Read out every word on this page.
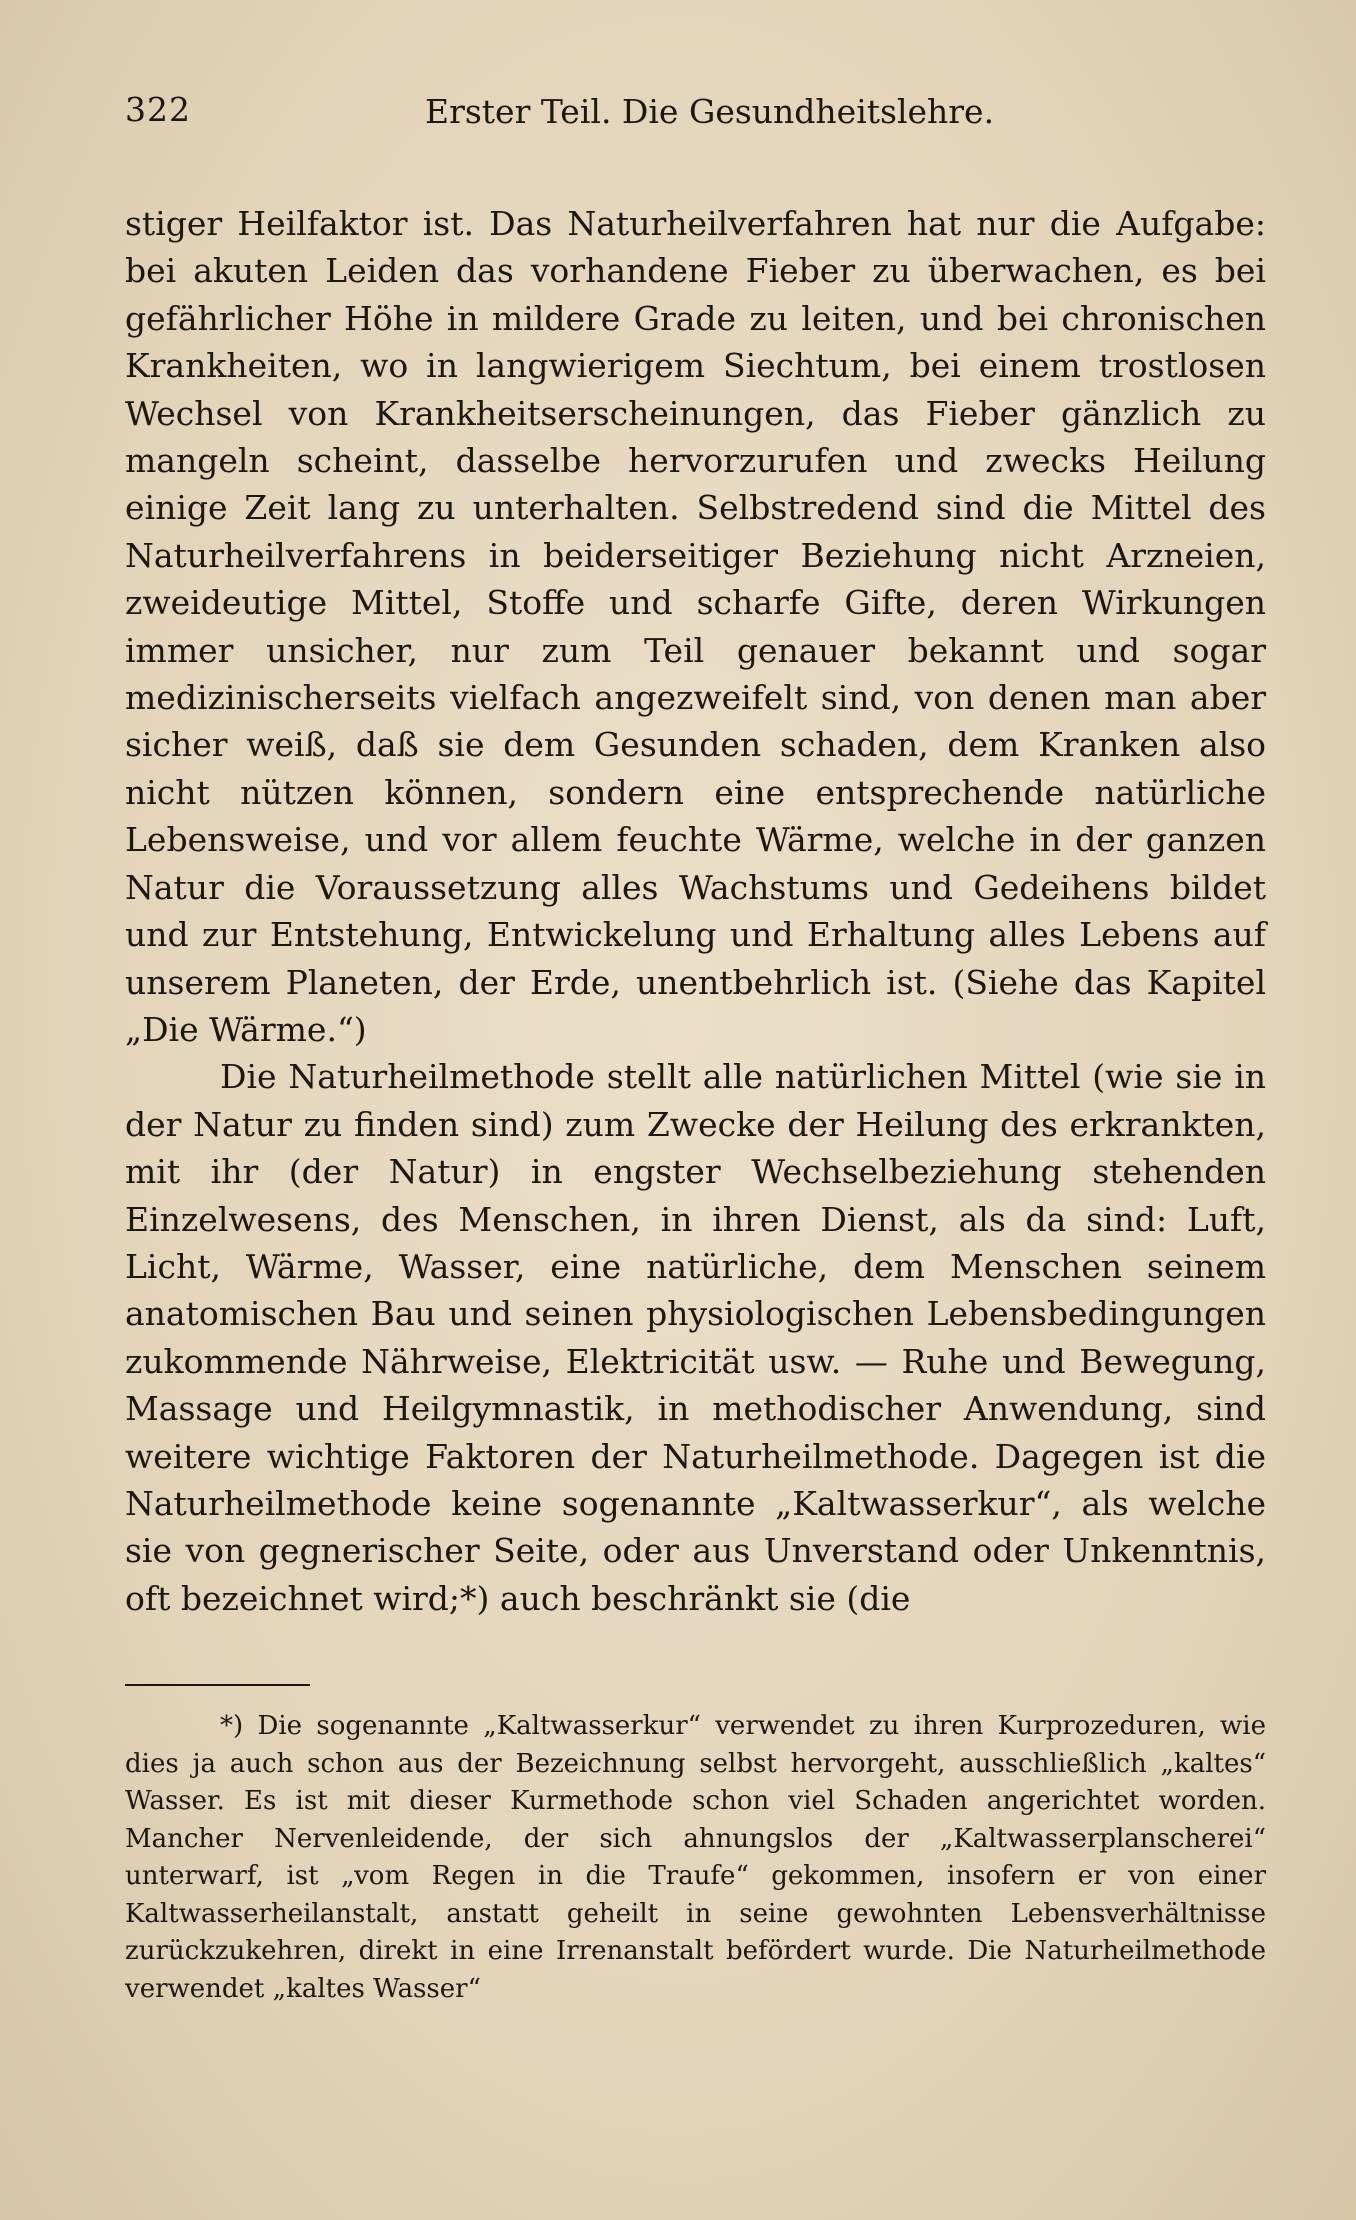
322	Erster Teil. Die Gesundheitslehre.

stiger Heilfaktor ist. Das Naturheilverfahren hat nur die Aufgabe: bei akuten Leiden das vorhandene Fieber zu überwachen, es bei gefährlicher Höhe in mildere Grade zu leiten, und bei chronischen Krankheiten, wo in langwierigem Siechtum, bei einem trostlosen Wechsel von Krankheitserscheinungen, das Fieber gänzlich zu mangeln scheint, dasselbe hervorzurufen und zwecks Heilung einige Zeit lang zu unterhalten. Selbstredend sind die Mittel des Naturheilverfahrens in beiderseitiger Beziehung nicht Arzneien, zweideutige Mittel, Stoffe und scharfe Gifte, deren Wirkungen immer unsicher, nur zum Teil genauer bekannt und sogar medizinischerseits vielfach angezweifelt sind, von denen man aber sicher weiß, daß sie dem Gesunden schaden, dem Kranken also nicht nützen können, sondern eine entsprechende natürliche Lebensweise, und vor allem feuchte Wärme, welche in der ganzen Natur die Voraussetzung alles Wachstums und Gedeihens bildet und zur Entstehung, Entwickelung und Erhaltung alles Lebens auf unserem Planeten, der Erde, unentbehrlich ist. (Siehe das Kapitel „Die Wärme.“)

Die Naturheilmethode stellt alle natürlichen Mittel (wie sie in der Natur zu finden sind) zum Zwecke der Heilung des erkrankten, mit ihr (der Natur) in engster Wechselbeziehung stehenden Einzelwesens, des Menschen, in ihren Dienst, als da sind: Luft, Licht, Wärme, Wasser, eine natürliche, dem Menschen seinem anatomischen Bau und seinen physiologischen Lebensbedingungen zukommende Nährweise, Elektricität usw. — Ruhe und Bewegung, Massage und Heilgymnastik, in methodischer Anwendung, sind weitere wichtige Faktoren der Naturheilmethode. Dagegen ist die Naturheilmethode keine sogenannte „Kaltwasserkur“, als welche sie von gegnerischer Seite, oder aus Unverstand oder Unkenntnis, oft bezeichnet wird;*) auch beschränkt sie (die

*) Die sogenannte „Kaltwasserkur“ verwendet zu ihren Kurprozeduren, wie dies ja auch schon aus der Bezeichnung selbst hervorgeht, ausschließlich „kaltes“ Wasser. Es ist mit dieser Kurmethode schon viel Schaden angerichtet worden. Mancher Nervenleidende, der sich ahnungslos der „Kaltwasserplanscherei“ unterwarf, ist „vom Regen in die Traufe“ gekommen, insofern er von einer Kaltwasserheilanstalt, anstatt geheilt in seine gewohnten Lebensverhältnisse zurückzukehren, direkt in eine Irrenanstalt befördert wurde. Die Naturheilmethode verwendet „kaltes Wasser“
